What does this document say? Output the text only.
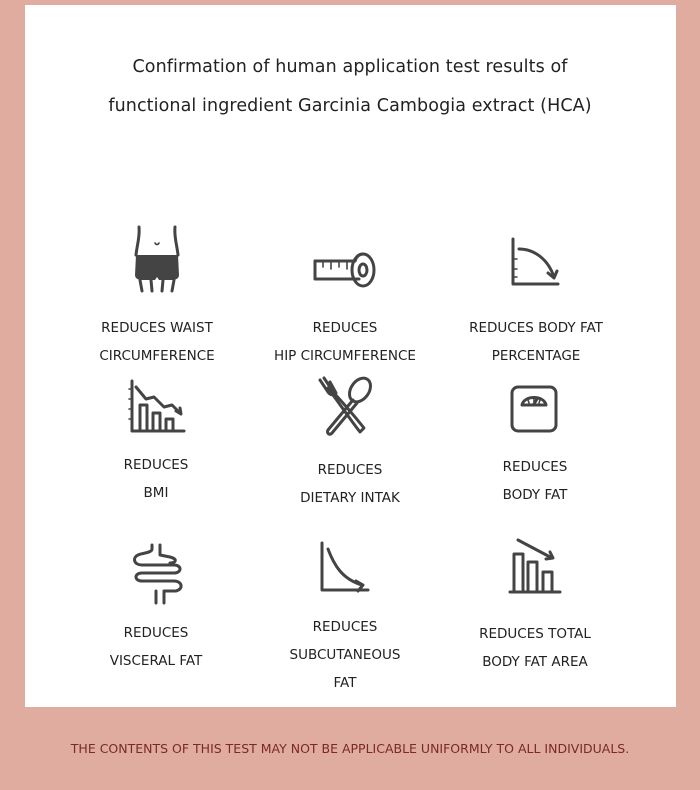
Confirmation of human application test results of
functional ingredient Garcinia Cambogia extract (HCA)
REDUCES WAIST
CIRCUMFERENCE
REDUCES
HIP CIRCUMFERENCE
REDUCES BODY FAT
PERCENTAGE
REDUCES
BMI
REDUCES
DIETARY INTAK
REDUCES
BODY FAT
REDUCES
VISCERAL FAT
REDUCES
SUBCUTANEOUS
FAT
REDUCES TOTAL
BODY FAT AREA
THE CONTENTS OF THIS TEST MAY NOT BE APPLICABLE UNIFORMLY TO ALL INDIVIDUALS.
